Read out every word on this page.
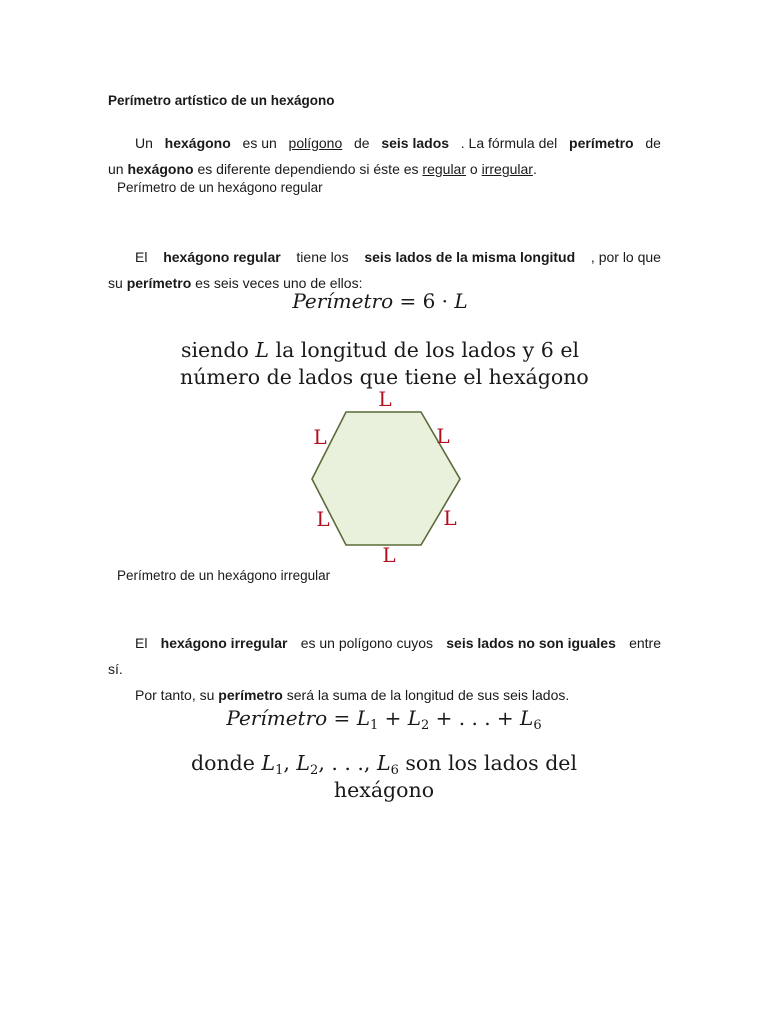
Perímetro artístico de un hexágono
Un hexágono es un polígono de seis lados . La fórmula del perímetro de
un hexágono es diferente dependiendo si éste es regular o irregular .
Perímetro de un hexágono regular
El hexágono regular tiene los seis lados de la misma longitud , por lo que
su perímetro es seis veces uno de ellos:
Perímetro = 6 · L
siendo L la longitud de los lados y 6 el
número de lados que tiene el hexágono
L
L
L
L
L
L
Perímetro de un hexágono irregular
El hexágono irregular es un polígono cuyos seis lados no son iguales entre
sí.
Por tanto, su perímetro será la suma de la longitud de sus seis lados.
Perímetro = $L_1 + L_2$ + . . . + $L_6$
donde $L_1$, $L_2$, . . ., $L_6$ son los lados del
hexágono
